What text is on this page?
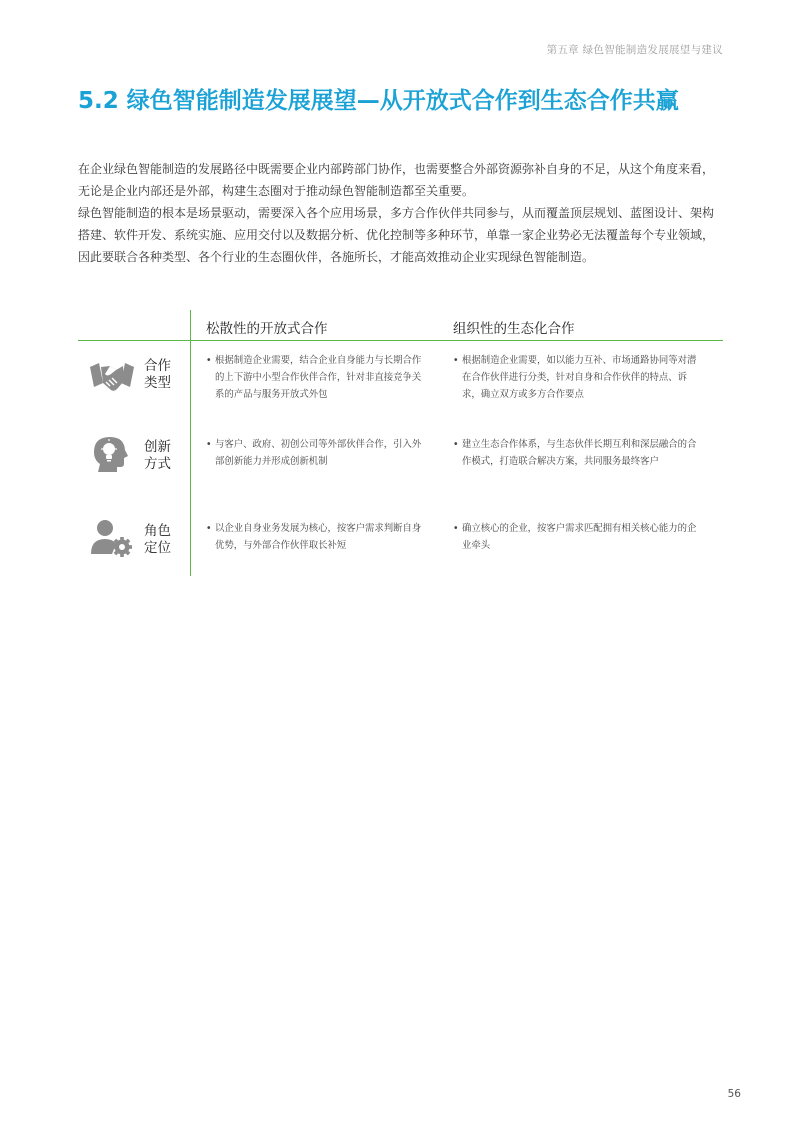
第五章 绿色智能制造发展展望与建议
5.2 绿色智能制造发展展望—从开放式合作到生态合作共赢

在企业绿色智能制造的发展路径中既需要企业内部跨部门协作，也需要整合外部资源弥补自身的不足，从这个角度来看，无论是企业内部还是外部，构建生态圈对于推动绿色智能制造都至关重要。

绿色智能制造的根本是场景驱动，需要深入各个应用场景，多方合作伙伴共同参与，从而覆盖顶层规划、蓝图设计、架构搭建、软件开发、系统实施、应用交付以及数据分析、优化控制等多种环节，单靠一家企业势必无法覆盖每个专业领域，因此要联合各种类型、各个行业的生态圈伙伴，各施所长，才能高效推动企业实现绿色智能制造。

松散性的开放式合作	组织性的生态化合作
合作
类型
• 根据制造企业需要，结合企业自身能力与长期合作的上下游中小型合作伙伴合作，针对非直接竞争关系的产品与服务开放式外包
• 根据制造企业需要，如以能力互补、市场通路协同等对潜在合作伙伴进行分类，针对自身和合作伙伴的特点、诉求，确立双方或多方合作要点
创新
方式
• 与客户、政府、初创公司等外部伙伴合作，引入外部创新能力并形成创新机制
• 建立生态合作体系，与生态伙伴长期互利和深层融合的合作模式，打造联合解决方案，共同服务最终客户
角色
定位
• 以企业自身业务发展为核心，按客户需求判断自身优势，与外部合作伙伴取长补短
• 确立核心的企业，按客户需求匹配拥有相关核心能力的企业牵头
56
